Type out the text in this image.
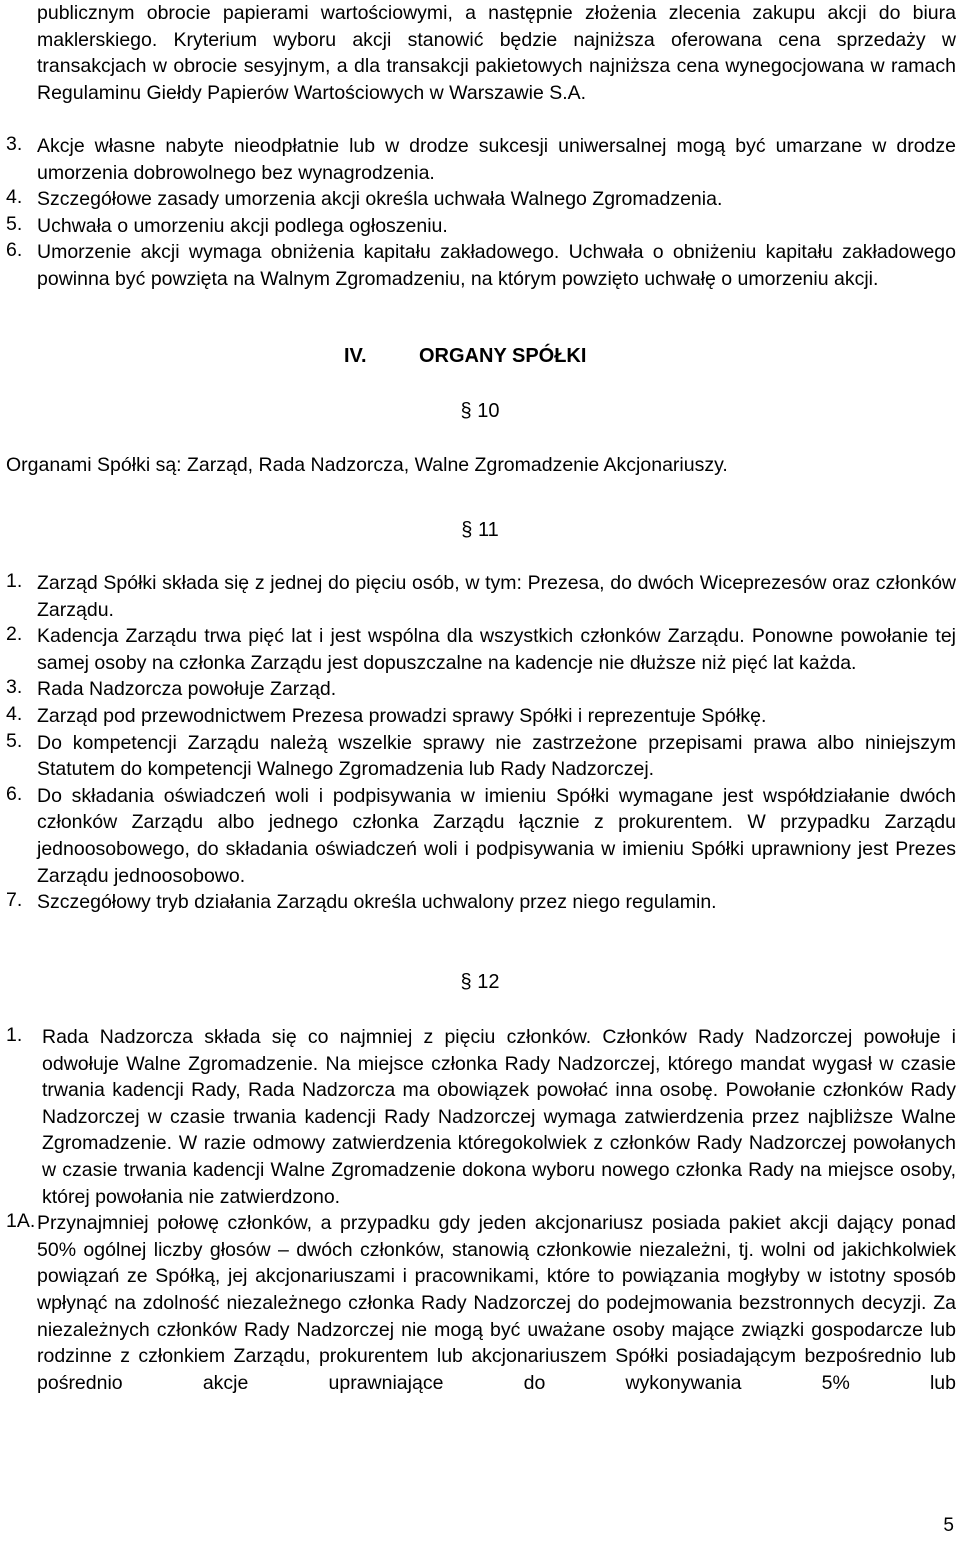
publicznym obrocie papierami wartościowymi, a następnie złożenia zlecenia zakupu akcji do biura maklerskiego. Kryterium wyboru akcji stanowić będzie najniższa oferowana cena sprzedaży w transakcjach w obrocie sesyjnym, a dla transakcji pakietowych najniższa cena wynegocjowana w ramach Regulaminu Giełdy Papierów Wartościowych w Warszawie S.A.

3. Akcje własne nabyte nieodpłatnie lub w drodze sukcesji uniwersalnej mogą być umarzane w drodze umorzenia dobrowolnego bez wynagrodzenia.
4. Szczegółowe zasady umorzenia akcji określa uchwała Walnego Zgromadzenia.
5. Uchwała o umorzeniu akcji podlega ogłoszeniu.
6. Umorzenie akcji wymaga obniżenia kapitału zakładowego. Uchwała o obniżeniu kapitału zakładowego powinna być powzięta na Walnym Zgromadzeniu, na którym powzięto uchwałę o umorzeniu akcji.
IV.	ORGANY SPÓŁKI
§ 10

Organami Spółki są: Zarząd, Rada Nadzorcza, Walne Zgromadzenie Akcjonariuszy.

§ 11
1. Zarząd Spółki składa się z jednej do pięciu osób, w tym: Prezesa, do dwóch Wiceprezesów oraz członków Zarządu.
2. Kadencja Zarządu trwa pięć lat i jest wspólna dla wszystkich członków Zarządu. Ponowne powołanie tej samej osoby na członka Zarządu jest dopuszczalne na kadencje nie dłuższe niż pięć lat każda.
3. Rada Nadzorcza powołuje Zarząd.
4. Zarząd pod przewodnictwem Prezesa prowadzi sprawy Spółki i reprezentuje Spółkę.
5. Do kompetencji Zarządu należą wszelkie sprawy nie zastrzeżone przepisami prawa albo niniejszym Statutem do kompetencji Walnego Zgromadzenia lub Rady Nadzorczej.
6. Do składania oświadczeń woli i podpisywania w imieniu Spółki wymagane jest współdziałanie dwóch członków Zarządu albo jednego członka Zarządu łącznie z prokurentem. W przypadku Zarządu jednoosobowego, do składania oświadczeń woli i podpisywania w imieniu Spółki uprawniony jest Prezes Zarządu jednoosobowo.
7. Szczegółowy tryb działania Zarządu określa uchwalony przez niego regulamin.
§ 12
1.	Rada Nadzorcza składa się co najmniej z pięciu członków. Członków Rady Nadzorczej powołuje i odwołuje Walne Zgromadzenie. Na miejsce członka Rady Nadzorczej, którego mandat wygasł w czasie trwania kadencji Rady, Rada Nadzorcza ma obowiązek powołać inna osobę. Powołanie członków Rady Nadzorczej w czasie trwania kadencji Rady Nadzorczej wymaga zatwierdzenia przez najbliższe Walne Zgromadzenie. W razie odmowy zatwierdzenia któregokolwiek z członków Rady Nadzorczej powołanych w czasie trwania kadencji Walne Zgromadzenie dokona wyboru nowego członka Rady na miejsce osoby, której powołania nie zatwierdzono.
1A. Przynajmniej połowę członków, a przypadku gdy jeden akcjonariusz posiada pakiet akcji dający ponad 50% ogólnej liczby głosów – dwóch członków, stanowią członkowie niezależni, tj. wolni od jakichkolwiek powiązań ze Spółką, jej akcjonariuszami i pracownikami, które to powiązania mogłyby w istotny sposób wpłynąć na zdolność niezależnego członka Rady Nadzorczej do podejmowania bezstronnych decyzji. Za niezależnych członków Rady Nadzorczej nie mogą być uważane osoby mające związki gospodarcze lub rodzinne z członkiem Zarządu, prokurentem lub akcjonariuszem Spółki posiadającym bezpośrednio lub pośrednio akcje uprawniające do wykonywania 5% lub
5
